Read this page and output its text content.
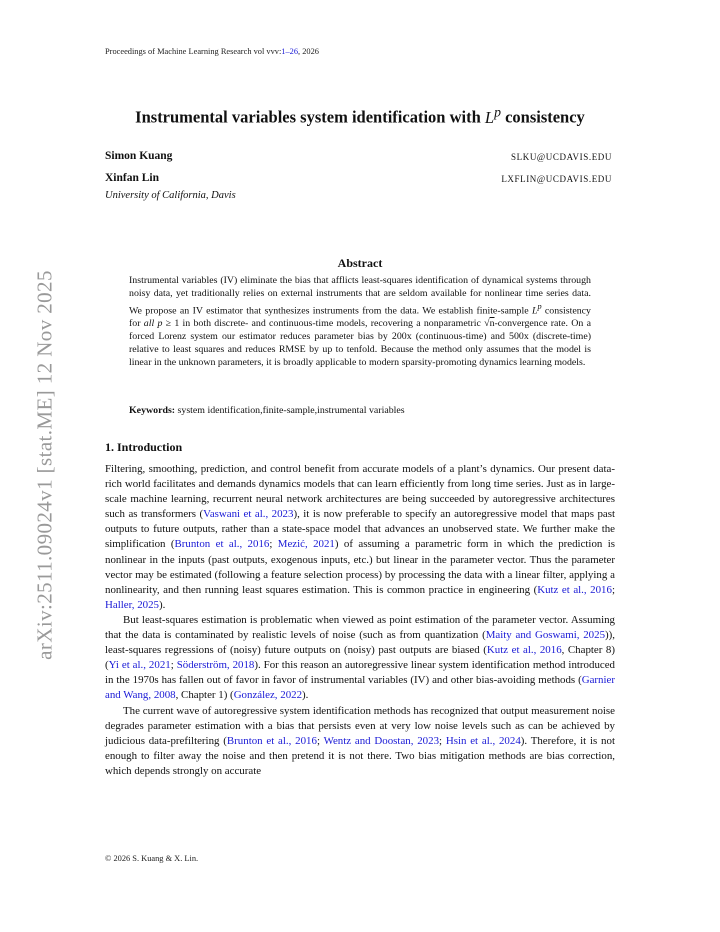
Proceedings of Machine Learning Research vol vvv:1–26, 2026
Instrumental variables system identification with $L^p$ consistency
Simon Kuang	SLKU@UCDAVIS.EDU
Xinfan Lin	LXFLIN@UCDAVIS.EDU
University of California, Davis
arXiv:2511.09024v1 [stat.ME] 12 Nov 2025
Abstract
Instrumental variables (IV) eliminate the bias that afflicts least-squares identification of dynamical systems through noisy data, yet traditionally relies on external instruments that are seldom available for nonlinear time series data. We propose an IV estimator that synthesizes instruments from the data. We establish finite-sample $L^p$ consistency for all p ≥ 1 in both discrete- and continuous-time models, recovering a nonparametric √n-convergence rate. On a forced Lorenz system our estimator reduces parameter bias by 200x (continuous-time) and 500x (discrete-time) relative to least squares and reduces RMSE by up to tenfold. Because the method only assumes that the model is linear in the unknown parameters, it is broadly applicable to modern sparsity-promoting dynamics learning models.
Keywords: system identification,finite-sample,instrumental variables
1. Introduction

Filtering, smoothing, prediction, and control benefit from accurate models of a plant’s dynamics. Our present data-rich world facilitates and demands dynamics models that can learn efficiently from long time series. Just as in large-scale machine learning, recurrent neural network architectures are being succeeded by autoregressive architectures such as transformers (Vaswani et al., 2023), it is now preferable to specify an autoregressive model that maps past outputs to future outputs, rather than a state-space model that advances an unobserved state. We further make the simplification (Brunton et al., 2016; Mezić, 2021) of assuming a parametric form in which the prediction is nonlinear in the inputs (past outputs, exogenous inputs, etc.) but linear in the parameter vector. Thus the parameter vector may be estimated (following a feature selection process) by processing the data with a linear filter, applying a nonlinearity, and then running least squares estimation. This is common practice in engineering (Kutz et al., 2016; Haller, 2025).

But least-squares estimation is problematic when viewed as point estimation of the parameter vector. Assuming that the data is contaminated by realistic levels of noise (such as from quantization (Maity and Goswami, 2025)), least-squares regressions of (noisy) future outputs on (noisy) past outputs are biased (Kutz et al., 2016, Chapter 8) (Yi et al., 2021; Söderström, 2018). For this reason an autoregressive linear system identification method introduced in the 1970s has fallen out of favor in favor of instrumental variables (IV) and other bias-avoiding methods (Garnier and Wang, 2008, Chapter 1) (González, 2022).

The current wave of autoregressive system identification methods has recognized that output measurement noise degrades parameter estimation with a bias that persists even at very low noise levels such as can be achieved by judicious data-prefiltering (Brunton et al., 2016; Wentz and Doostan, 2023; Hsin et al., 2024). Therefore, it is not enough to filter away the noise and then pretend it is not there. Two bias mitigation methods are bias correction, which depends strongly on accurate

© 2026 S. Kuang & X. Lin.
